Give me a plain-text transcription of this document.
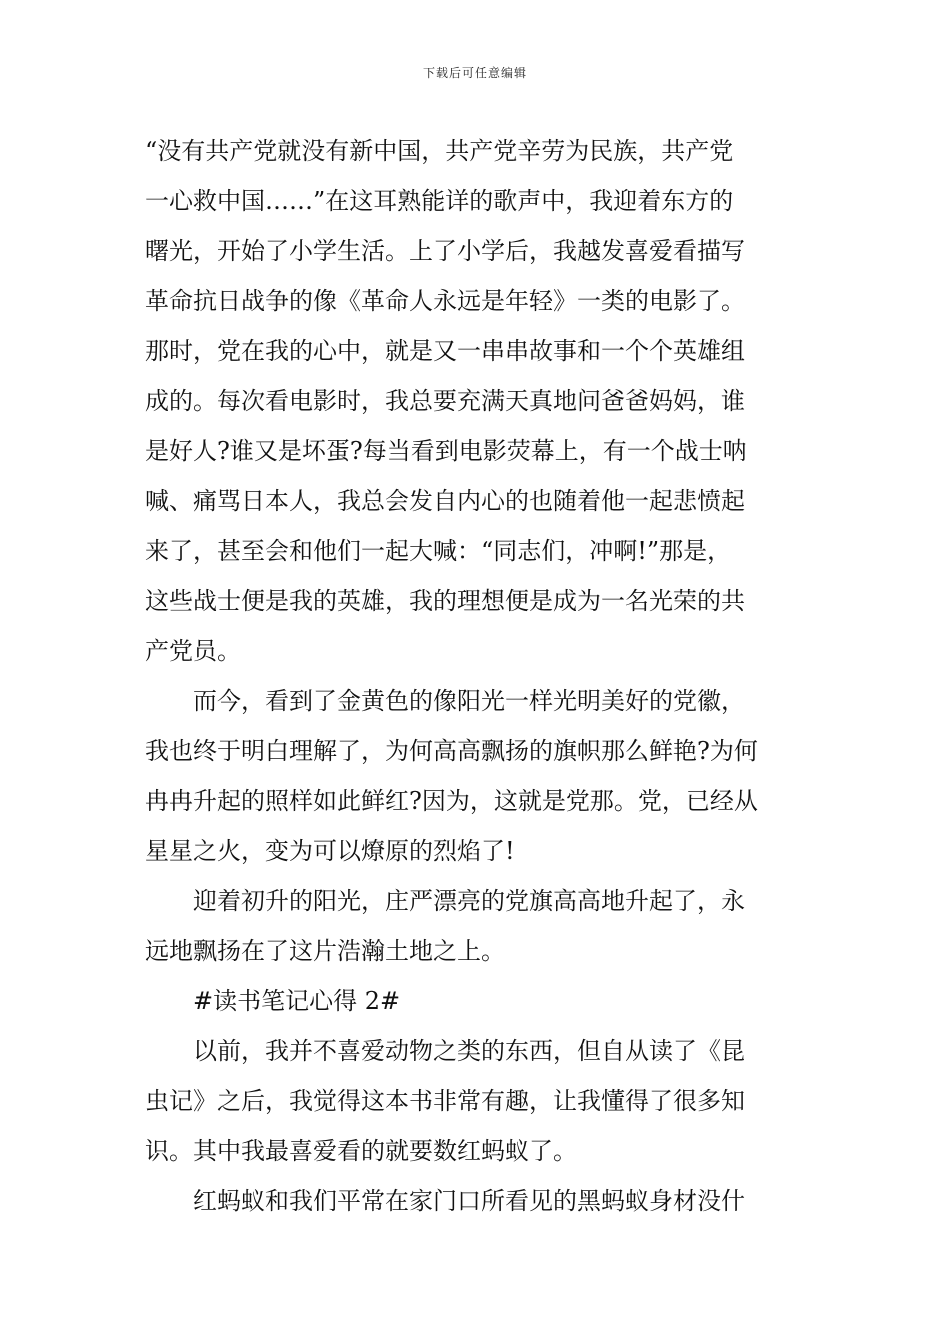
下载后可任意编辑
“没有共产党就没有新中国，共产党辛劳为民族，共产党
一心救中国……”在这耳熟能详的歌声中，我迎着东方的
曙光，开始了小学生活。上了小学后，我越发喜爱看描写
革命抗日战争的像《革命人永远是年轻》一类的电影了。
那时，党在我的心中，就是又一串串故事和一个个英雄组
成的。每次看电影时，我总要充满天真地问爸爸妈妈，谁
是好人?谁又是坏蛋?每当看到电影荧幕上，有一个战士呐
喊、痛骂日本人，我总会发自内心的也随着他一起悲愤起
来了，甚至会和他们一起大喊：“同志们，冲啊!”那是，
这些战士便是我的英雄，我的理想便是成为一名光荣的共
产党员。
而今，看到了金黄色的像阳光一样光明美好的党徽，
我也终于明白理解了，为何高高飘扬的旗帜那么鲜艳?为何
冉冉升起的照样如此鲜红?因为，这就是党那。党，已经从
星星之火，变为可以燎原的烈焰了!
迎着初升的阳光，庄严漂亮的党旗高高地升起了，永
远地飘扬在了这片浩瀚土地之上。
#读书笔记心得 2#
以前，我并不喜爱动物之类的东西，但自从读了《昆
虫记》之后，我觉得这本书非常有趣，让我懂得了很多知
识。其中我最喜爱看的就要数红蚂蚁了。
红蚂蚁和我们平常在家门口所看见的黑蚂蚁身材没什
